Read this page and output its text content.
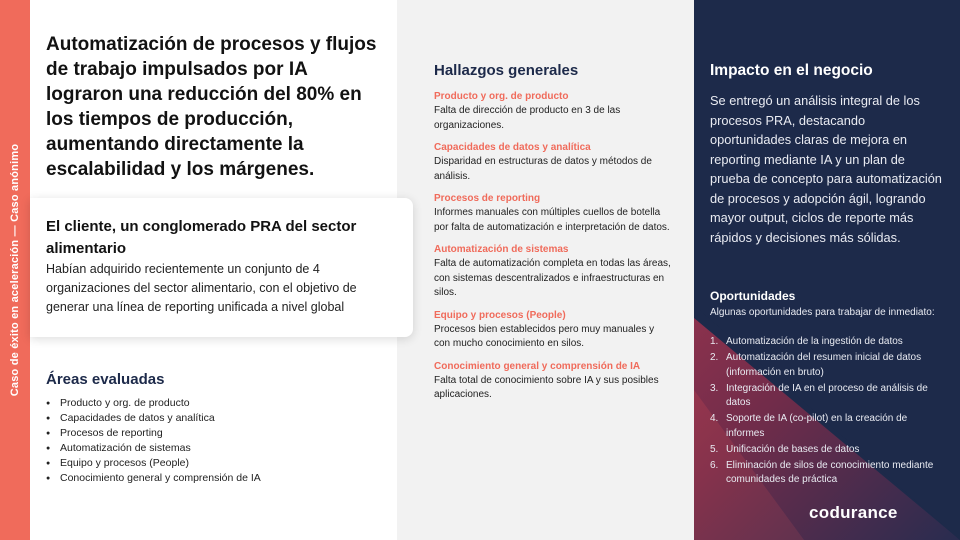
Caso de éxito en aceleración — Caso anónimo
Automatización de procesos y flujos de trabajo impulsados por IA lograron una reducción del 80% en los tiempos de producción, aumentando directamente la escalabilidad y los márgenes.
Áreas evaluadas
● Producto y org. de producto
● Capacidades de datos y analítica
● Procesos de reporting
● Automatización de sistemas
● Equipo y procesos (People)
● Conocimiento general y comprensión de IA
El cliente, un conglomerado PRA del sector alimentario
Habían adquirido recientemente un conjunto de 4 organizaciones del sector alimentario, con el objetivo de generar una línea de reporting unificada a nivel global
Hallazgos generales
Producto y org. de producto
Falta de dirección de producto en 3 de las organizaciones.
Capacidades de datos y analítica
Disparidad en estructuras de datos y métodos de análisis.
Procesos de reporting
Informes manuales con múltiples cuellos de botella por falta de automatización e interpretación de datos.
Automatización de sistemas
Falta de automatización completa en todas las áreas, con sistemas descentralizados e infraestructuras en silos.
Equipo y procesos (People)
Procesos bien establecidos pero muy manuales y con mucho conocimiento en silos.
Conocimiento general y comprensión de IA
Falta total de conocimiento sobre IA y sus posibles aplicaciones.
Impacto en el negocio
Se entregó un análisis integral de los procesos PRA, destacando oportunidades claras de mejora en reporting mediante IA y un plan de prueba de concepto para automatización de procesos y adopción ágil, logrando mayor output, ciclos de reporte más rápidos y decisiones más sólidas.
Oportunidades
Algunas oportunidades para trabajar de inmediato:
1. Automatización de la ingestión de datos
2. Automatización del resumen inicial de datos (información en bruto)
3. Integración de IA en el proceso de análisis de datos
4. Soporte de IA (co-pilot) en la creación de informes
5. Unificación de bases de datos
6. Eliminación de silos de conocimiento mediante comunidades de práctica
codurance
